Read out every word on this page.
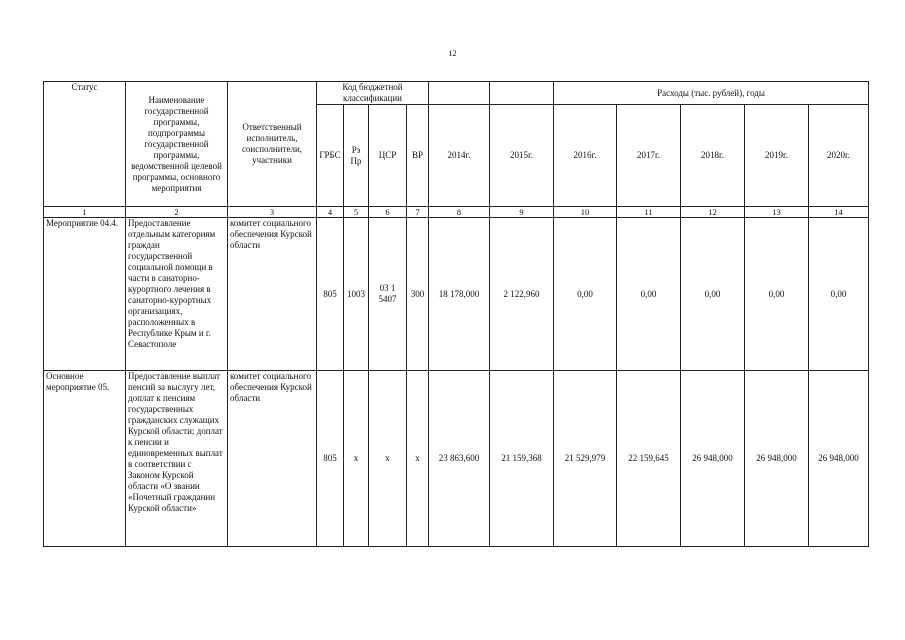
12
Статус	Наименование государственной программы, подпрограммы государственной программы, ведомственной целевой программы, основного мероприятия	Ответственный исполнитель, соисполнители, участники	Код бюджетной классификации						Расходы (тыс. рублей), годы				
			ГРБС	Рз Пр	ЦСР	ВР	2014г.	2015г.	2016г.	2017г.	2018г.	2019г.	2020г.
1	2	3	4	5	6	7	8	9	10	11	12	13	14
Мероприятие 04.4.	Предоставление отдельным категориям граждан государственной социальной помощи в части в санаторно-курортного лечения в санаторно-курортных организациях, расположенных в Республике Крым и г. Севастополе	комитет социального обеспечения Курской области	805	1003	03 1 5407	300	18 178,000	2 122,960	0,00	0,00	0,00	0,00	0,00
Основное мероприятие 05.	Предоставление выплат пенсий за выслугу лет, доплат к пенсиям государственных гражданских служащих Курской области; доплат к пенсии и единовременных выплат в соответствии с Законом Курской области «О звании «Почетный гражданин Курской области»	комитет социального обеспечения Курской области	805	х	х	х	23 863,600	21 159,368	21 529,979	22 159,645	26 948,000	26 948,000	26 948,000
